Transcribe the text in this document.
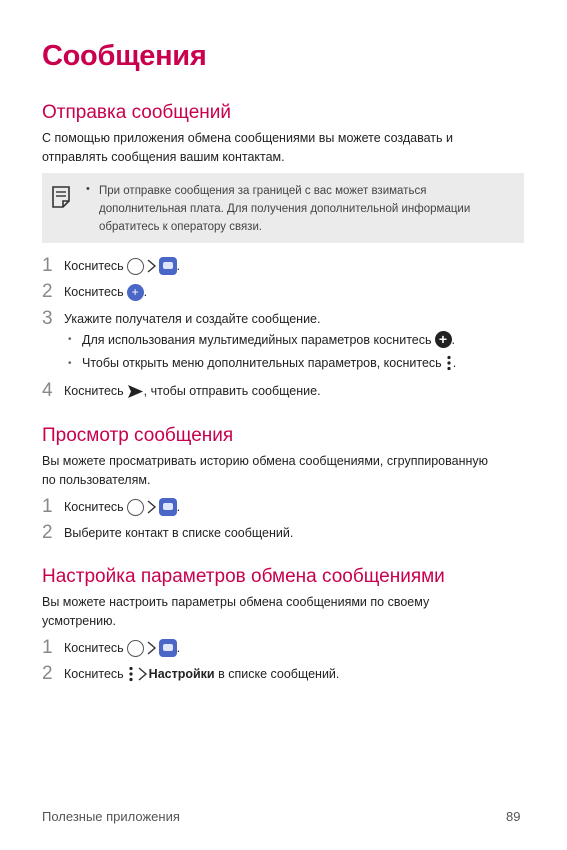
Сообщения
Отправка сообщений

С помощью приложения обмена сообщениями вы можете создавать и
отправлять сообщения вашим контактам.

• При отправке сообщения за границей с вас может взиматься
дополнительная плата. Для получения дополнительной информации
обратитесь к оператору связи.
1 Коснитесь	.
2 Коснитесь + .
3 Укажите получателя и создайте сообщение.
• Для использования мультимедийных параметров коснитесь + .
• Чтобы открыть меню дополнительных параметров, коснитесь .
4 Коснитесь , чтобы отправить сообщение.
Просмотр сообщения

Вы можете просматривать историю обмена сообщениями, сгруппированную
по пользователям.

1 Коснитесь	.
2 Выберите контакт в списке сообщений.
Настройка параметров обмена сообщениями

Вы можете настроить параметры обмена сообщениями по своему
усмотрению.

1 Коснитесь	.
2 Коснитесь Настройки в списке сообщений.
Полезные приложения	89
